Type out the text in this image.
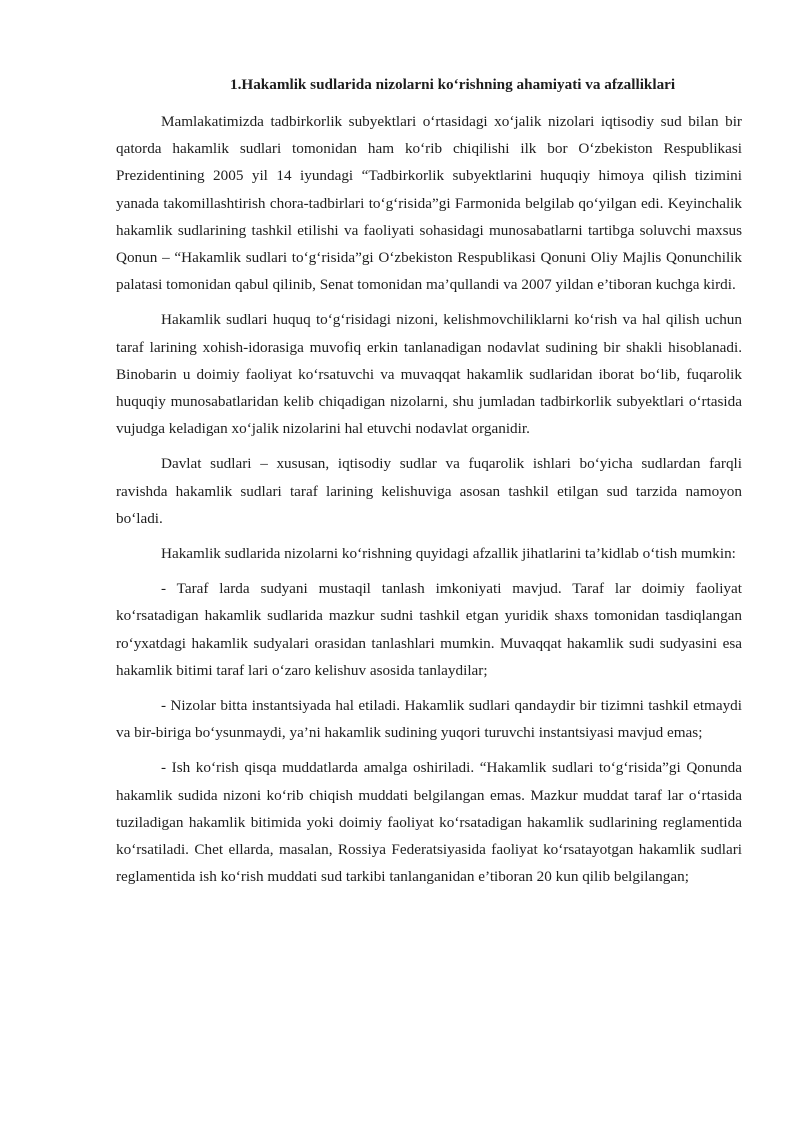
1.Hakamlik sudlarida nizolarni ko‘rishning ahamiyati va afzalliklari

Mamlakatimizda tadbirkorlik subyektlari o‘rtasidagi xo‘jalik nizolari iqtisodiy sud bilan bir qatorda hakamlik sudlari tomonidan ham ko‘rib chiqilishi ilk bor O‘zbekiston Respublikasi Prezidentining 2005 yil 14 iyundagi “Tadbirkorlik subyektlarini huquqiy himoya qilish tizimini yanada takomillashtirish chora-tadbirlari to‘g‘risida”gi Farmonida belgilab qo‘yilgan edi. Keyinchalik hakamlik sudlarining tashkil etilishi va faoliyati sohasidagi munosabatlarni tartibga soluvchi maxsus Qonun – “Hakamlik sudlari to‘g‘risida”gi O‘zbekiston Respublikasi Qonuni Oliy Majlis Qonunchilik palatasi tomonidan qabul qilinib, Senat tomonidan ma’qullandi va 2007 yildan e’tiboran kuchga kirdi.

Hakamlik sudlari huquq to‘g‘risidagi nizoni, kelishmovchiliklarni ko‘rish va hal qilish uchun taraf larining xohish-idorasiga muvofiq erkin tanlanadigan nodavlat sudining bir shakli hisoblanadi. Binobarin u doimiy faoliyat ko‘rsatuvchi va muvaqqat hakamlik sudlaridan iborat bo‘lib, fuqarolik huquqiy munosabatlaridan kelib chiqadigan nizolarni, shu jumladan tadbirkorlik subyektlari o‘rtasida vujudga keladigan xo‘jalik nizolarini hal etuvchi nodavlat organidir.

Davlat sudlari – xususan, iqtisodiy sudlar va fuqarolik ishlari bo‘yicha sudlardan farqli ravishda hakamlik sudlari taraf larining kelishuviga asosan tashkil etilgan sud tarzida namoyon bo‘ladi.

Hakamlik sudlarida nizolarni ko‘rishning quyidagi afzallik jihatlarini ta’kidlab o‘tish mumkin:

- Taraf larda sudyani mustaqil tanlash imkoniyati mavjud. Taraf lar doimiy faoliyat ko‘rsatadigan hakamlik sudlarida mazkur sudni tashkil etgan yuridik shaxs tomonidan tasdiqlangan ro‘yxatdagi hakamlik sudyalari orasidan tanlashlari mumkin. Muvaqqat hakamlik sudi sudyasini esa hakamlik bitimi taraf lari o‘zaro kelishuv asosida tanlaydilar;

- Nizolar bitta instantsiyada hal etiladi. Hakamlik sudlari qandaydir bir tizimni tashkil etmaydi va bir-biriga bo‘ysunmaydi, ya’ni hakamlik sudining yuqori turuvchi instantsiyasi mavjud emas;

- Ish ko‘rish qisqa muddatlarda amalga oshiriladi. “Hakamlik sudlari to‘g‘risida”gi Qonunda hakamlik sudida nizoni ko‘rib chiqish muddati belgilangan emas. Mazkur muddat taraf lar o‘rtasida tuziladigan hakamlik bitimida yoki doimiy faoliyat ko‘rsatadigan hakamlik sudlarining reglamentida ko‘rsatiladi. Chet ellarda, masalan, Rossiya Federatsiyasida faoliyat ko‘rsatayotgan hakamlik sudlari reglamentida ish ko‘rish muddati sud tarkibi tanlanganidan e’tiboran 20 kun qilib belgilangan;
